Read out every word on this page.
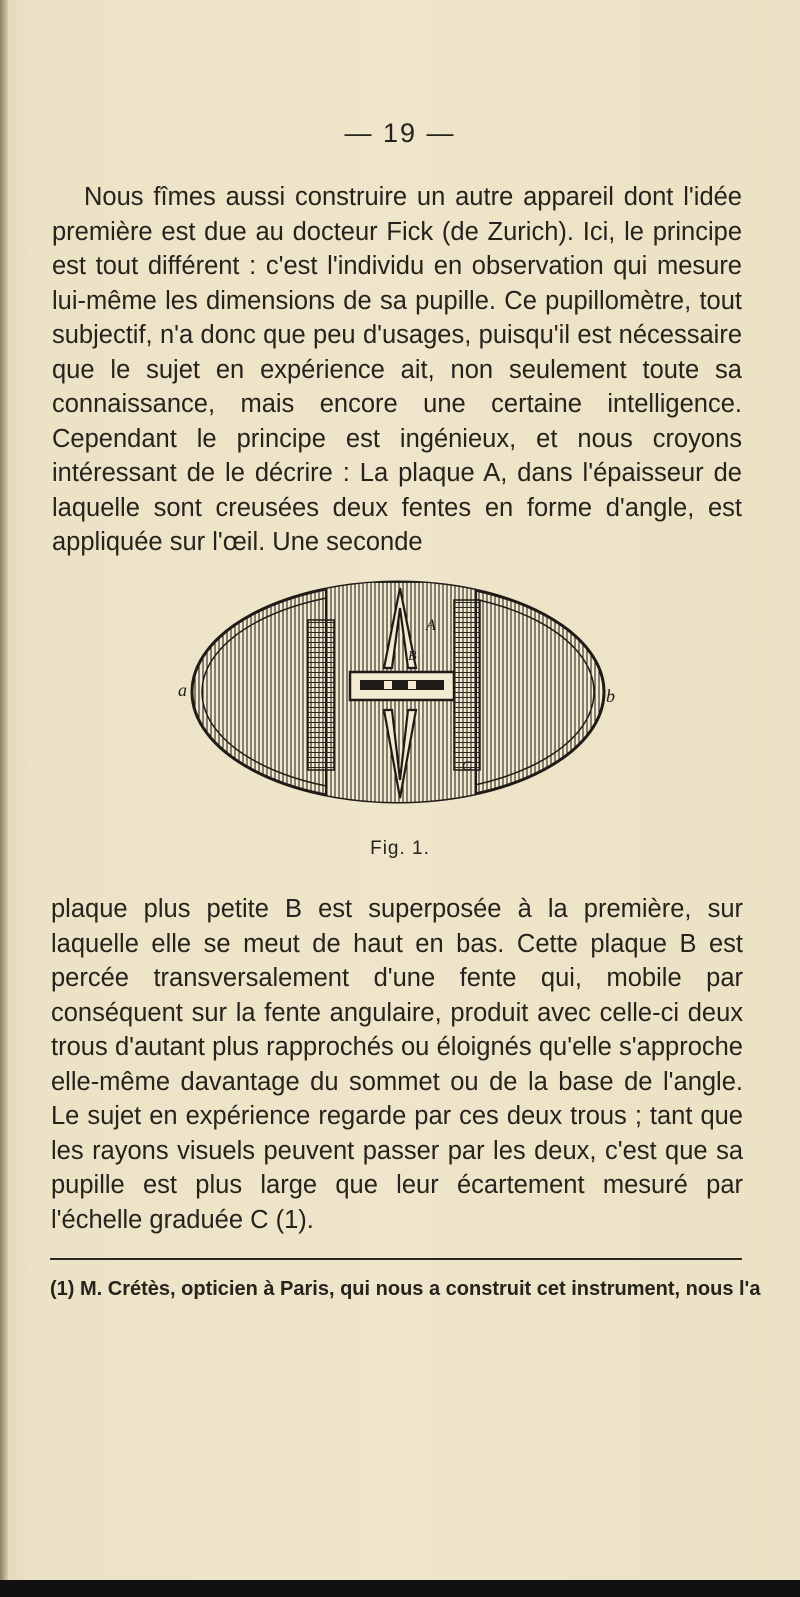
— 19 —

Nous fîmes aussi construire un autre appareil dont l'idée première est due au docteur Fick (de Zurich). Ici, le principe est tout différent : c'est l'individu en observation qui mesure lui-même les dimensions de sa pupille. Ce pupillomètre, tout subjectif, n'a donc que peu d'usages, puisqu'il est nécessaire que le sujet en expérience ait, non seulement toute sa connaissance, mais encore une certaine intelligence. Cependant le principe est ingénieux, et nous croyons intéressant de le décrire : La plaque A, dans l'épaisseur de laquelle sont creusées deux fentes en forme d'angle, est appliquée sur l'œil. Une seconde

A
B
C
a	b
Fig. 1.

plaque plus petite B est superposée à la première, sur laquelle elle se meut de haut en bas. Cette plaque B est percée transversalement d'une fente qui, mobile par conséquent sur la fente angulaire, produit avec celle-ci deux trous d'autant plus rapprochés ou éloignés qu'elle s'approche elle-même davantage du sommet ou de la base de l'angle. Le sujet en expérience regarde par ces deux trous ; tant que les rayons visuels peuvent passer par les deux, c'est que sa pupille est plus large que leur écartement mesuré par l'échelle graduée C (1).

(1) M. Crétès, opticien à Paris, qui nous a construit cet instrument, nous l'a
